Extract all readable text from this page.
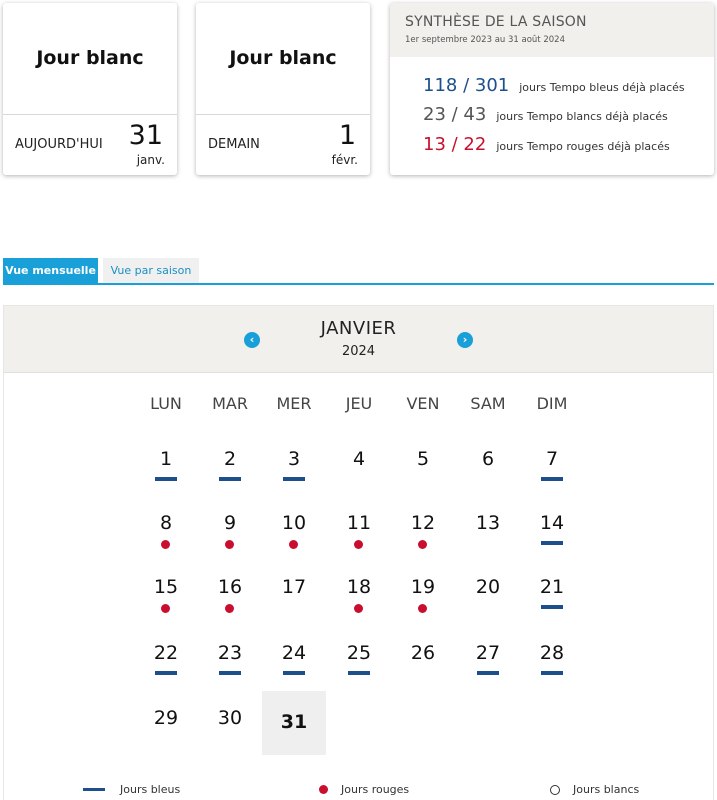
Jour blanc
AUJOURD'HUI 31
janv.
Jour blanc
DEMAIN	1
févr.
SYNTHÈSE DE LA SAISON
1er septembre 2023 au 31 août 2024
118 / 301 jours Tempo bleus déjà placés
23 / 43 jours Tempo blancs déjà placés
13 / 22 jours Tempo rouges déjà placés
Vue mensuelle	Vue par saison
‹
JANVIER
2024
›
LUN	MAR	MER	JEU	VEN	SAM	DIM
1	2	3	4	5	6	7
8	9	10	11	12	13	14
15	16	17	18	19	20	21
22	23	24	25	26	27	28
29	30	31
Jours bleus	Jours rouges	Jours blancs
